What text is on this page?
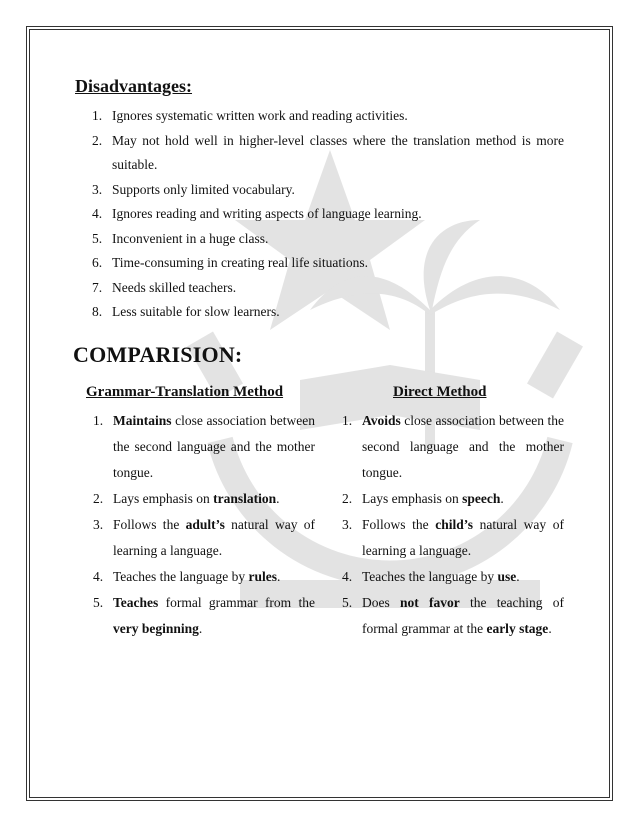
Disadvantages:
1. Ignores systematic written work and reading activities.
2. May not hold well in higher-level classes where the translation method is more suitable.
3. Supports only limited vocabulary.
4. Ignores reading and writing aspects of language learning.
5. Inconvenient in a huge class.
6. Time-consuming in creating real life situations.
7. Needs skilled teachers.
8. Less suitable for slow learners.
COMPARISION:
Grammar-Translation Method	Direct Method
1. Maintains close association between the second language and the mother tongue.
2. Lays emphasis on translation.
3. Follows the adult’s natural way of learning a language.
4. Teaches the language by rules.
5. Teaches formal grammar from the very beginning.
1. Avoids close association between the second language and the mother tongue.
2. Lays emphasis on speech.
3. Follows the child’s natural way of learning a language.
4. Teaches the language by use.
5. Does not favor the teaching of formal grammar at the early stage.
